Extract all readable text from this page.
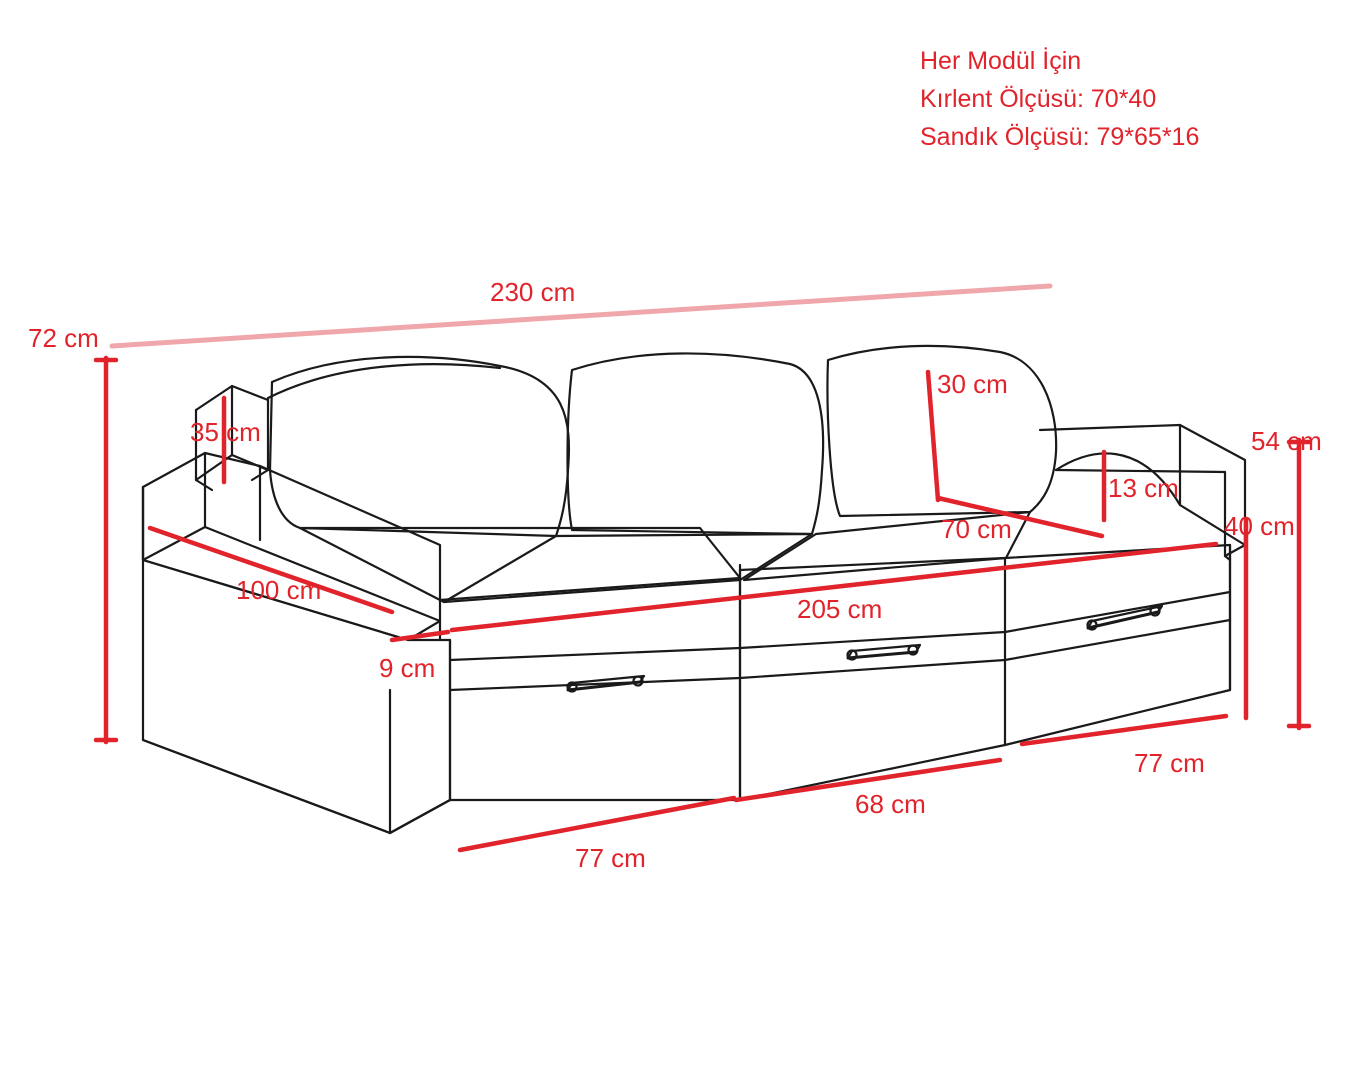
Her Modül İçin

Kırlent Ölçüsü: 70*40

Sandık Ölçüsü: 79*65*16

230 cm
72 cm
35 cm
30 cm
54 cm
13 cm
70 cm	40 cm
100 cm
205 cm
9 cm
77 cm
68 cm
77 cm
